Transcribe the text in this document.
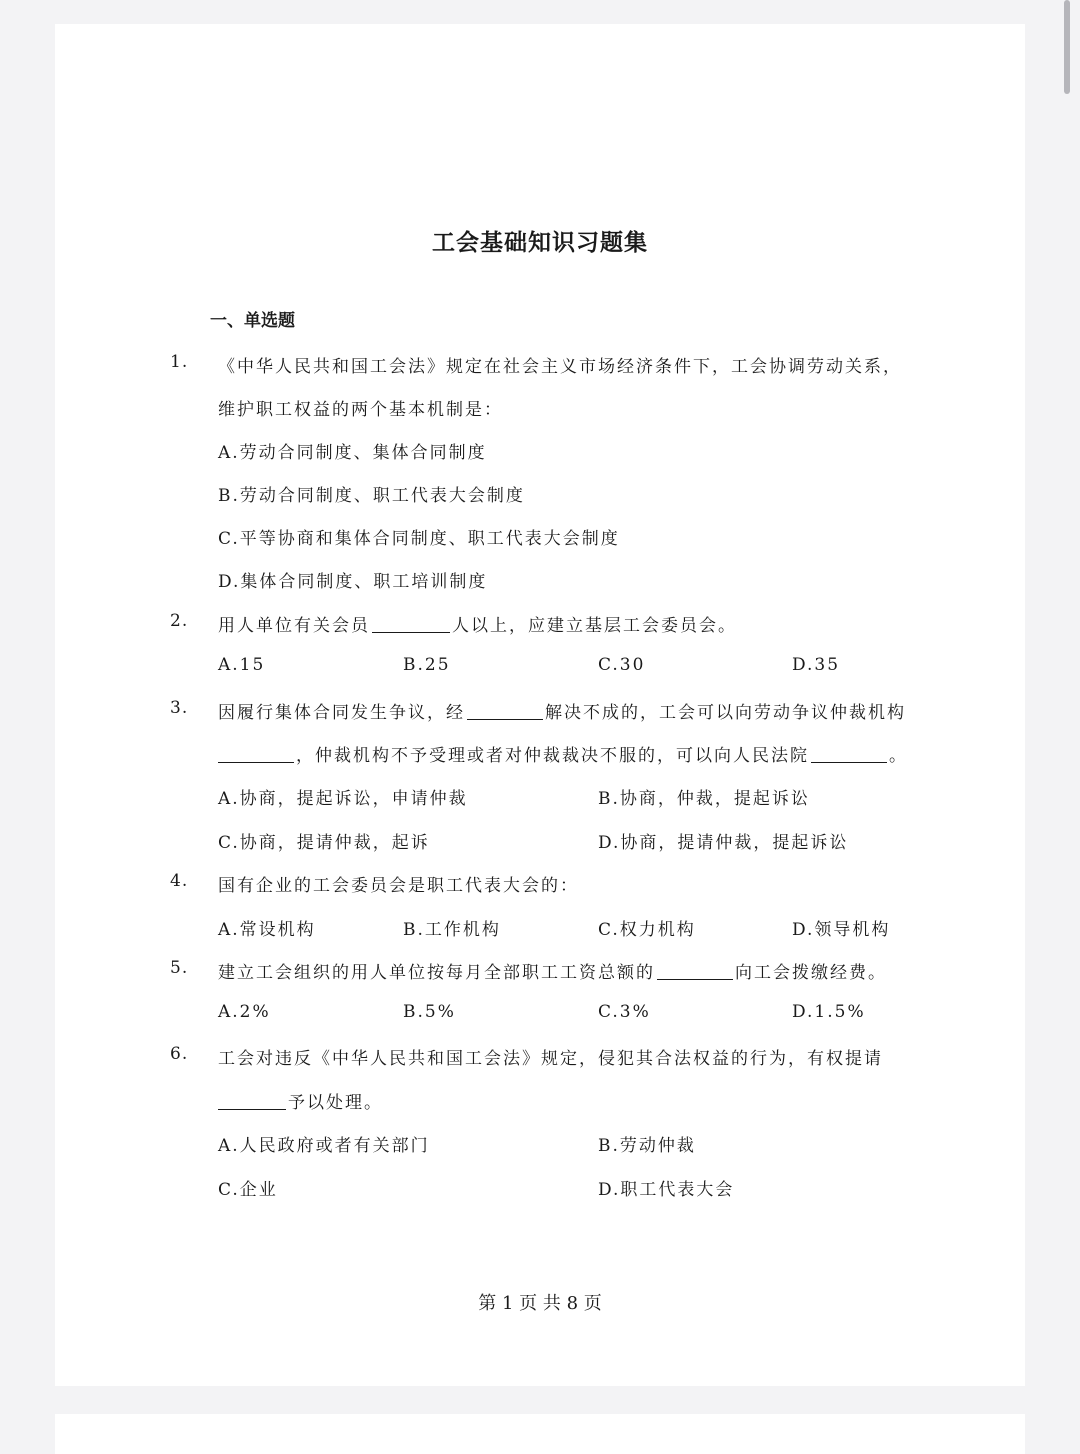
工会基础知识习题集
一、单选题
1. 《中华人民共和国工会法》规定在社会主义市场经济条件下，工会协调劳动关系，
维护职工权益的两个基本机制是：
A.劳动合同制度、集体合同制度
B.劳动合同制度、职工代表大会制度
C.平等协商和集体合同制度、职工代表大会制度
D.集体合同制度、职工培训制度
2. 用人单位有关会员	人以上，应建立基层工会委员会。
A.15	B.25	C.30	D.35
3. 因履行集体合同发生争议，经	解决不成的，工会可以向劳动争议仲裁机构
，仲裁机构不予受理或者对仲裁裁决不服的，可以向人民法院	。
A.协商，提起诉讼，申请仲裁	B.协商，仲裁，提起诉讼
C.协商，提请仲裁，起诉	D.协商，提请仲裁，提起诉讼
4. 国有企业的工会委员会是职工代表大会的：
A.常设机构	B.工作机构	C.权力机构	D.领导机构
5. 建立工会组织的用人单位按每月全部职工工资总额的	向工会拨缴经费。
A.2%	B.5%	C.3%	D.1.5%
6. 工会对违反《中华人民共和国工会法》规定，侵犯其合法权益的行为，有权提请
予以处理。
A.人民政府或者有关部门	B.劳动仲裁
C.企业	D.职工代表大会
第 1 页 共 8 页
